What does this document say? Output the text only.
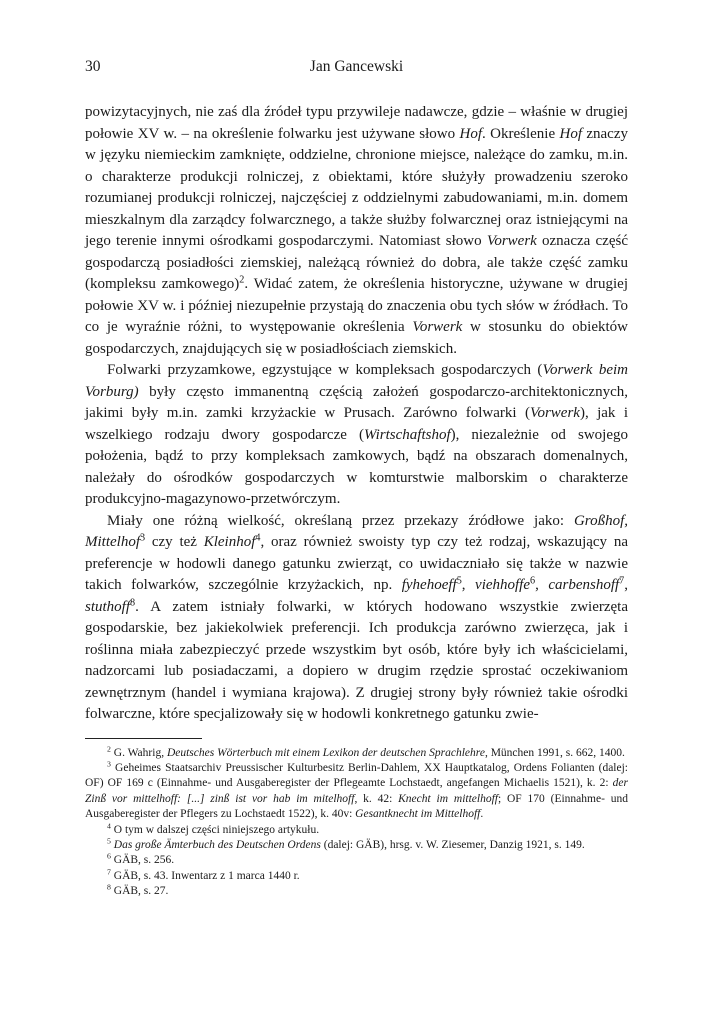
30	Jan Gancewski

powizytacyjnych, nie zaś dla źródeł typu przywileje nadawcze, gdzie – właśnie w drugiej połowie XV w. – na określenie folwarku jest używane słowo Hof. Określenie Hof znaczy w języku niemieckim zamknięte, oddzielne, chronione miejsce, należące do zamku, m.in. o charakterze produkcji rolniczej, z obiektami, które służyły prowadzeniu szeroko rozumianej produkcji rolniczej, najczęściej z oddzielnymi zabudowaniami, m.in. domem mieszkalnym dla zarządcy folwarcznego, a także służby folwarcznej oraz istniejącymi na jego terenie innymi ośrodkami gospodarczymi. Natomiast słowo Vorwerk oznacza część gospodarczą posiadłości ziemskiej, należącą również do dobra, ale także część zamku (kompleksu zamkowego)$^2$. Widać zatem, że określenia historyczne, używane w drugiej połowie XV w. i później niezupełnie przystają do znaczenia obu tych słów w źródłach. To co je wyraźnie różni, to występowanie określenia Vorwerk w stosunku do obiektów gospodarczych, znajdujących się w posiadłościach ziemskich.

Folwarki przyzamkowe, egzystujące w kompleksach gospodarczych (Vorwerk beim Vorburg) były często immanentną częścią założeń gospodarczo-architektonicznych, jakimi były m.in. zamki krzyżackie w Prusach. Zarówno folwarki (Vorwerk), jak i wszelkiego rodzaju dwory gospodarcze (Wirtschaftshof), niezależnie od swojego położenia, bądź to przy kompleksach zamkowych, bądź na obszarach domenalnych, należały do ośrodków gospodarczych w komturstwie malborskim o charakterze produkcyjno-magazynowo-przetwórczym.

Miały one różną wielkość, określaną przez przekazy źródłowe jako: Großhof, Mittelhof$^3$ czy też Kleinhof$^4$, oraz również swoisty typ czy też rodzaj, wskazujący na preferencje w hodowli danego gatunku zwierząt, co uwidaczniało się także w nazwie takich folwarków, szczególnie krzyżackich, np. fyhehoeff$^5$, viehhoffe$^6$, carbenshoff$^7$, stuthoff$^8$. A zatem istniały folwarki, w których hodowano wszystkie zwierzęta gospodarskie, bez jakiekolwiek preferencji. Ich produkcja zarówno zwierzęca, jak i roślinna miała zabezpieczyć przede wszystkim byt osób, które były ich właścicielami, nadzorcami lub posiadaczami, a dopiero w drugim rzędzie sprostać oczekiwaniom zewnętrznym (handel i wymiana krajowa). Z drugiej strony były również takie ośrodki folwarczne, które specjalizowały się w hodowli konkretnego gatunku zwie-

$^2$ G. Wahrig, Deutsches Wörterbuch mit einem Lexikon der deutschen Sprachlehre, München 1991, s. 662, 1400.

$^3$ Geheimes Staatsarchiv Preussischer Kulturbesitz Berlin-Dahlem, XX Hauptkatalog, Ordens Folianten (dalej: OF) OF 169 c (Einnahme- und Ausgaberegister der Pflegeamte Lochstaedt, angefangen Michaelis 1521), k. 2: der Zinß vor mittelhoff: [...] zinß ist vor hab im mitelhoff, k. 42: Knecht im mittelhoff; OF 170 (Einnahme- und Ausgaberegister der Pflegers zu Lochstaedt 1522), k. 40v: Gesantknecht im Mittelhoff.

$^4$ O tym w dalszej części niniejszego artykułu.

$^5$ Das große Ämterbuch des Deutschen Ordens (dalej: GÄB), hrsg. v. W. Ziesemer, Danzig 1921, s. 149.

$^6$ GÄB, s. 256.

$^7$ GÄB, s. 43. Inwentarz z 1 marca 1440 r.

$^8$ GÄB, s. 27.
